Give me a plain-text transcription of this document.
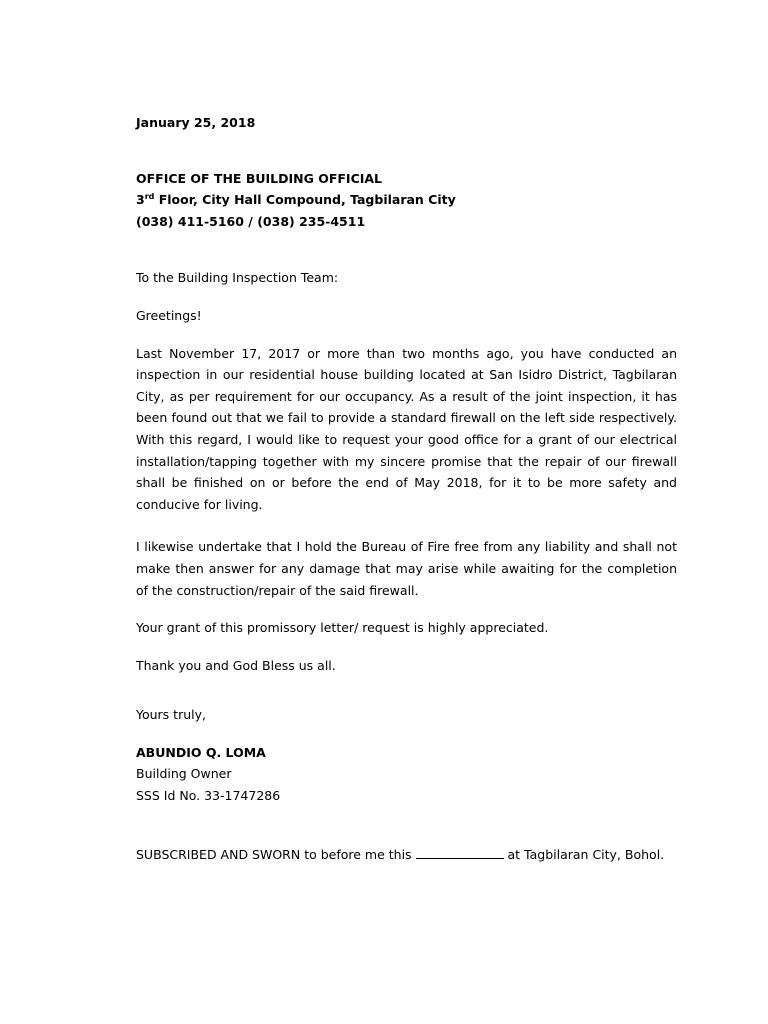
January 25, 2018
OFFICE OF THE BUILDING OFFICIAL
3rd Floor, City Hall Compound, Tagbilaran City
(038) 411-5160 / (038) 235-4511
To the Building Inspection Team:
Greetings!

Last November 17, 2017 or more than two months ago, you have conducted an inspection in our residential house building located at San Isidro District, Tagbilaran City, as per requirement for our occupancy. As a result of the joint inspection, it has been found out that we fail to provide a standard firewall on the left side respectively. With this regard, I would like to request your good office for a grant of our electrical installation/tapping together with my sincere promise that the repair of our firewall shall be finished on or before the end of May 2018, for it to be more safety and conducive for living.

I likewise undertake that I hold the Bureau of Fire free from any liability and shall not make then answer for any damage that may arise while awaiting for the completion of the construction/repair of the said firewall.

Your grant of this promissory letter/ request is highly appreciated.
Thank you and God Bless us all.
Yours truly,
ABUNDIO Q. LOMA
Building Owner
SSS Id No. 33-1747286
SUBSCRIBED AND SWORN to before me this	at Tagbilaran City, Bohol.
